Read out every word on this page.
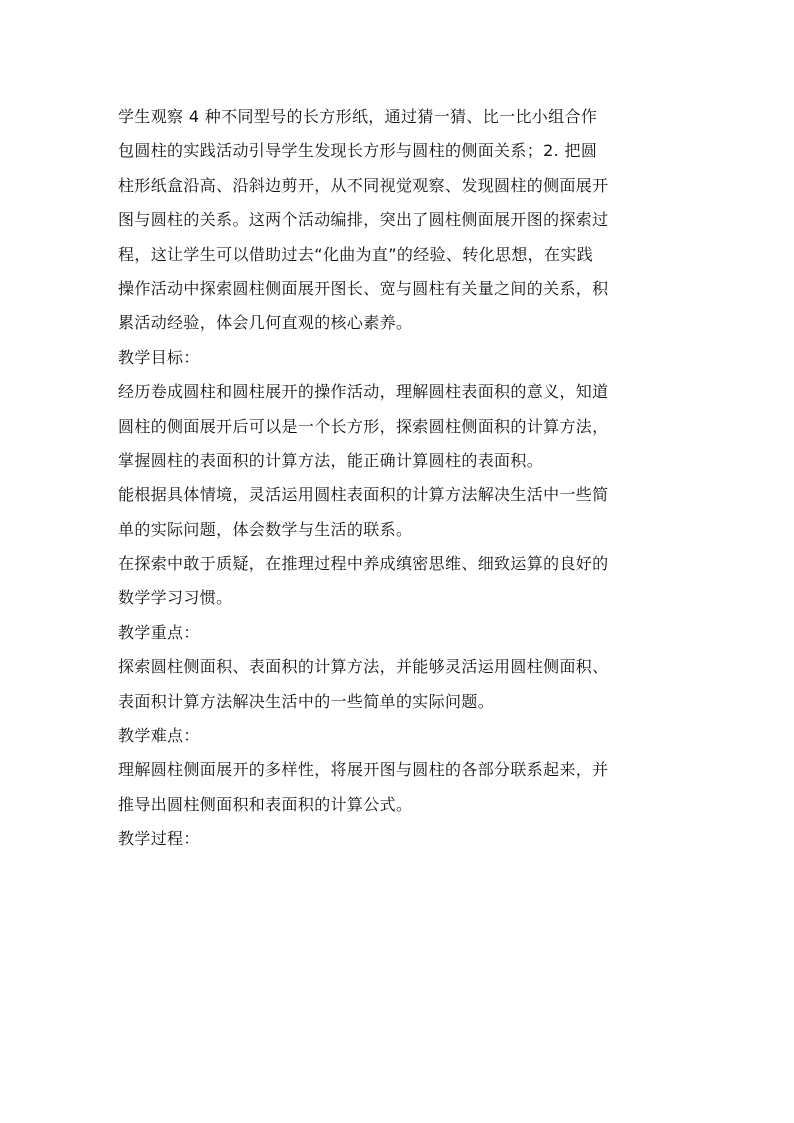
学生观察 4 种不同型号的长方形纸，通过猜一猜、比一比小组合作
包圆柱的实践活动引导学生发现长方形与圆柱的侧面关系；2. 把圆
柱形纸盒沿高、沿斜边剪开，从不同视觉观察、发现圆柱的侧面展开
图与圆柱的关系。这两个活动编排，突出了圆柱侧面展开图的探索过
程，这让学生可以借助过去“化曲为直”的经验、转化思想，在实践
操作活动中探索圆柱侧面展开图长、宽与圆柱有关量之间的关系，积
累活动经验，体会几何直观的核心素养。
教学目标：
经历卷成圆柱和圆柱展开的操作活动，理解圆柱表面积的意义，知道
圆柱的侧面展开后可以是一个长方形，探索圆柱侧面积的计算方法，
掌握圆柱的表面积的计算方法，能正确计算圆柱的表面积。
能根据具体情境，灵活运用圆柱表面积的计算方法解决生活中一些简
单的实际问题，体会数学与生活的联系。
在探索中敢于质疑，在推理过程中养成缜密思维、细致运算的良好的
数学学习习惯。
教学重点：
探索圆柱侧面积、表面积的计算方法，并能够灵活运用圆柱侧面积、
表面积计算方法解决生活中的一些简单的实际问题。
教学难点：
理解圆柱侧面展开的多样性，将展开图与圆柱的各部分联系起来，并
推导出圆柱侧面积和表面积的计算公式。
教学过程：
